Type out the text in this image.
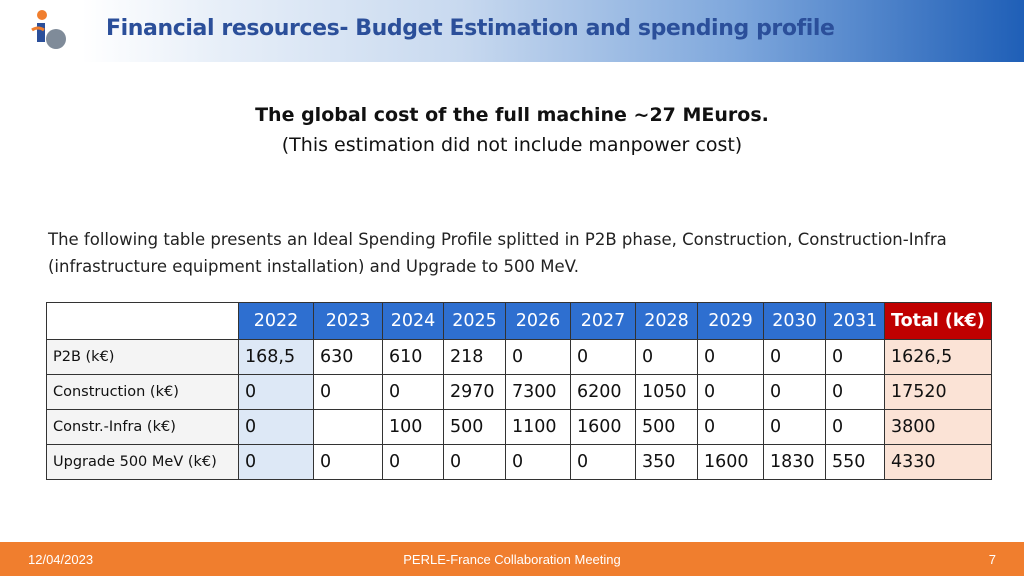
Financial resources- Budget Estimation and spending profile
The global cost of the full machine ~27 MEuros.
(This estimation did not include manpower cost)
The following table presents an Ideal Spending Profile splitted in P2B phase, Construction, Construction-Infra (infrastructure equipment installation) and Upgrade to 500 MeV.
	2022	2023	2024	2025	2026	2027	2028	2029	2030	2031	Total (k€)
P2B (k€)	168,5	630	610	218	0	0	0	0	0	0	1626,5
Construction (k€)	0	0	0	2970	7300	6200	1050	0	0	0	17520
Constr.-Infra (k€)	0		100	500	1100	1600	500	0	0	0	3800
Upgrade 500 MeV (k€)	0	0	0	0	0	0	350	1600	1830	550	4330
12/04/2023	PERLE-France Collaboration Meeting	7
